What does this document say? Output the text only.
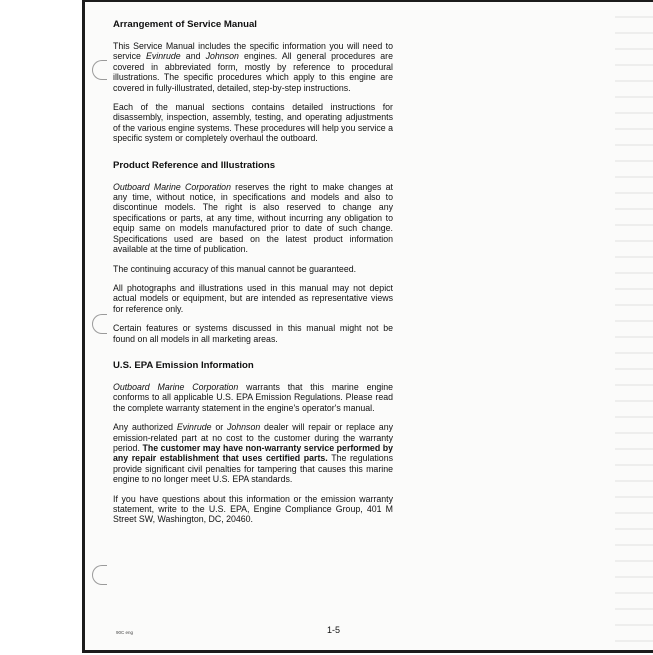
Arrangement of Service Manual

This Service Manual includes the specific information you will need to service Evinrude and Johnson engines. All general procedures are covered in abbreviated form, mostly by reference to procedural illustrations. The specific procedures which apply to this engine are covered in fully-illustrated, detailed, step-by-step instructions.

Each of the manual sections contains detailed instructions for disassembly, inspection, assembly, testing, and operating adjustments of the various engine systems. These procedures will help you service a specific system or completely overhaul the outboard.

Product Reference and Illustrations

Outboard Marine Corporation reserves the right to make changes at any time, without notice, in specifications and models and also to discontinue models. The right is also reserved to change any specifications or parts, at any time, without incurring any obligation to equip same on models manufactured prior to date of such change. Specifications used are based on the latest product information available at the time of publication.

The continuing accuracy of this manual cannot be guaranteed.

All photographs and illustrations used in this manual may not depict actual models or equipment, but are intended as representative views for reference only.

Certain features or systems discussed in this manual might not be found on all models in all marketing areas.

U.S. EPA Emission Information

Outboard Marine Corporation warrants that this marine engine conforms to all applicable U.S. EPA Emission Regulations. Please read the complete warranty statement in the engine's operator's manual.

Any authorized Evinrude or Johnson dealer will repair or replace any emission-related part at no cost to the customer during the warranty period. The customer may have non-warranty service performed by any repair establishment that uses certified parts. The regulations provide significant civil penalties for tampering that causes this marine engine to no longer meet U.S. EPA standards.

If you have questions about this information or the emission warranty statement, write to the U.S. EPA, Engine Compliance Group, 401 M Street SW, Washington, DC, 20460.

90C eng	1-5
